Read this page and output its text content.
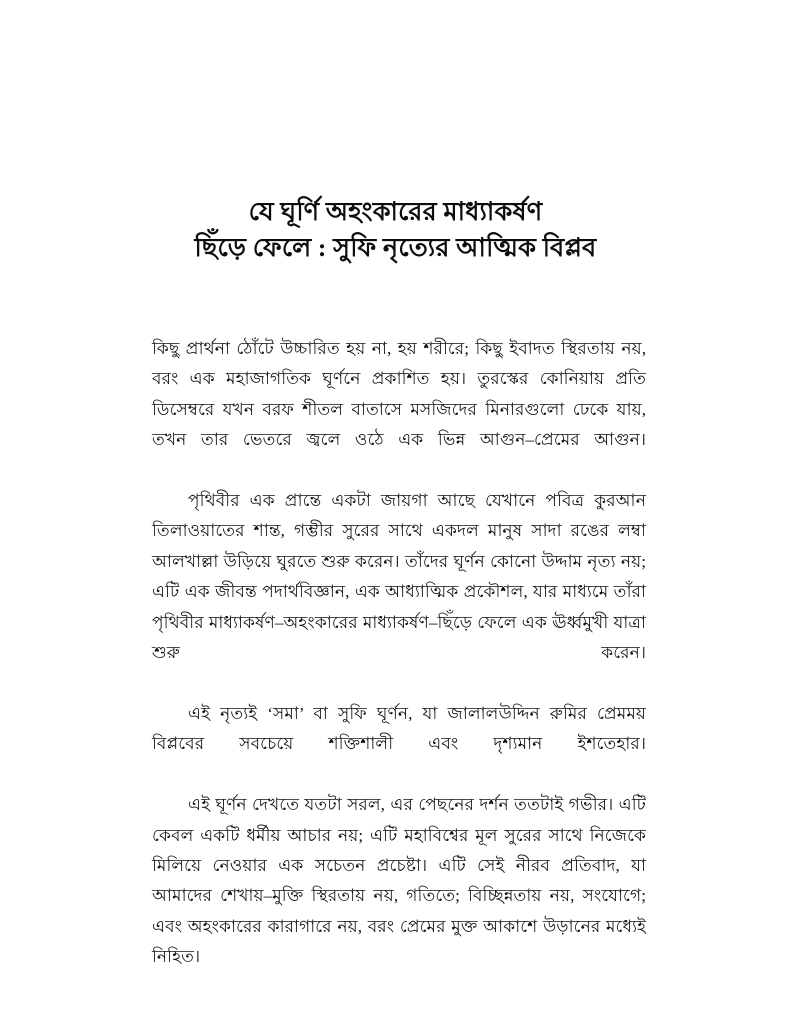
যে ঘূর্ণি অহংকারের মাধ্যাকর্ষণ
ছিঁড়ে ফেলে : সুফি নৃত্যের আত্মিক বিপ্লব

কিছু প্রার্থনা ঠোঁটে উচ্চারিত হয় না, হয় শরীরে; কিছু ইবাদত স্থিরতায় নয়, বরং এক মহাজাগতিক ঘূর্ণনে প্রকাশিত হয়। তুরস্কের কোনিয়ায় প্রতি ডিসেম্বরে যখন বরফ শীতল বাতাসে মসজিদের মিনারগুলো ঢেকে যায়, তখন তার ভেতরে জ্বলে ওঠে এক ভিন্ন আগুন–প্রেমের আগুন।

পৃথিবীর এক প্রান্তে একটা জায়গা আছে যেখানে পবিত্র কুরআন তিলাওয়াতের শান্ত, গম্ভীর সুরের সাথে একদল মানুষ সাদা রঙের লম্বা আলখাল্লা উড়িয়ে ঘুরতে শুরু করেন। তাঁদের ঘূর্ণন কোনো উদ্দাম নৃত্য নয়; এটি এক জীবন্ত পদার্থবিজ্ঞান, এক আধ্যাত্মিক প্রকৌশল, যার মাধ্যমে তাঁরা পৃথিবীর মাধ্যাকর্ষণ–অহংকারের মাধ্যাকর্ষণ–ছিঁড়ে ফেলে এক ঊর্ধ্বমুখী যাত্রা শুরু করেন।

এই নৃত্যই ‘সমা’ বা সুফি ঘূর্ণন, যা জালালউদ্দিন রুমির প্রেমময় বিপ্লবের সবচেয়ে শক্তিশালী এবং দৃশ্যমান ইশতেহার।

এই ঘূর্ণন দেখতে যতটা সরল, এর পেছনের দর্শন ততটাই গভীর। এটি কেবল একটি ধর্মীয় আচার নয়; এটি মহাবিশ্বের মূল সুরের সাথে নিজেকে মিলিয়ে নেওয়ার এক সচেতন প্রচেষ্টা। এটি সেই নীরব প্রতিবাদ, যা আমাদের শেখায়–মুক্তি স্থিরতায় নয়, গতিতে; বিচ্ছিন্নতায় নয়, সংযোগে; এবং অহংকারের কারাগারে নয়, বরং প্রেমের মুক্ত আকাশে উড়ানের মধ্যেই নিহিত।
